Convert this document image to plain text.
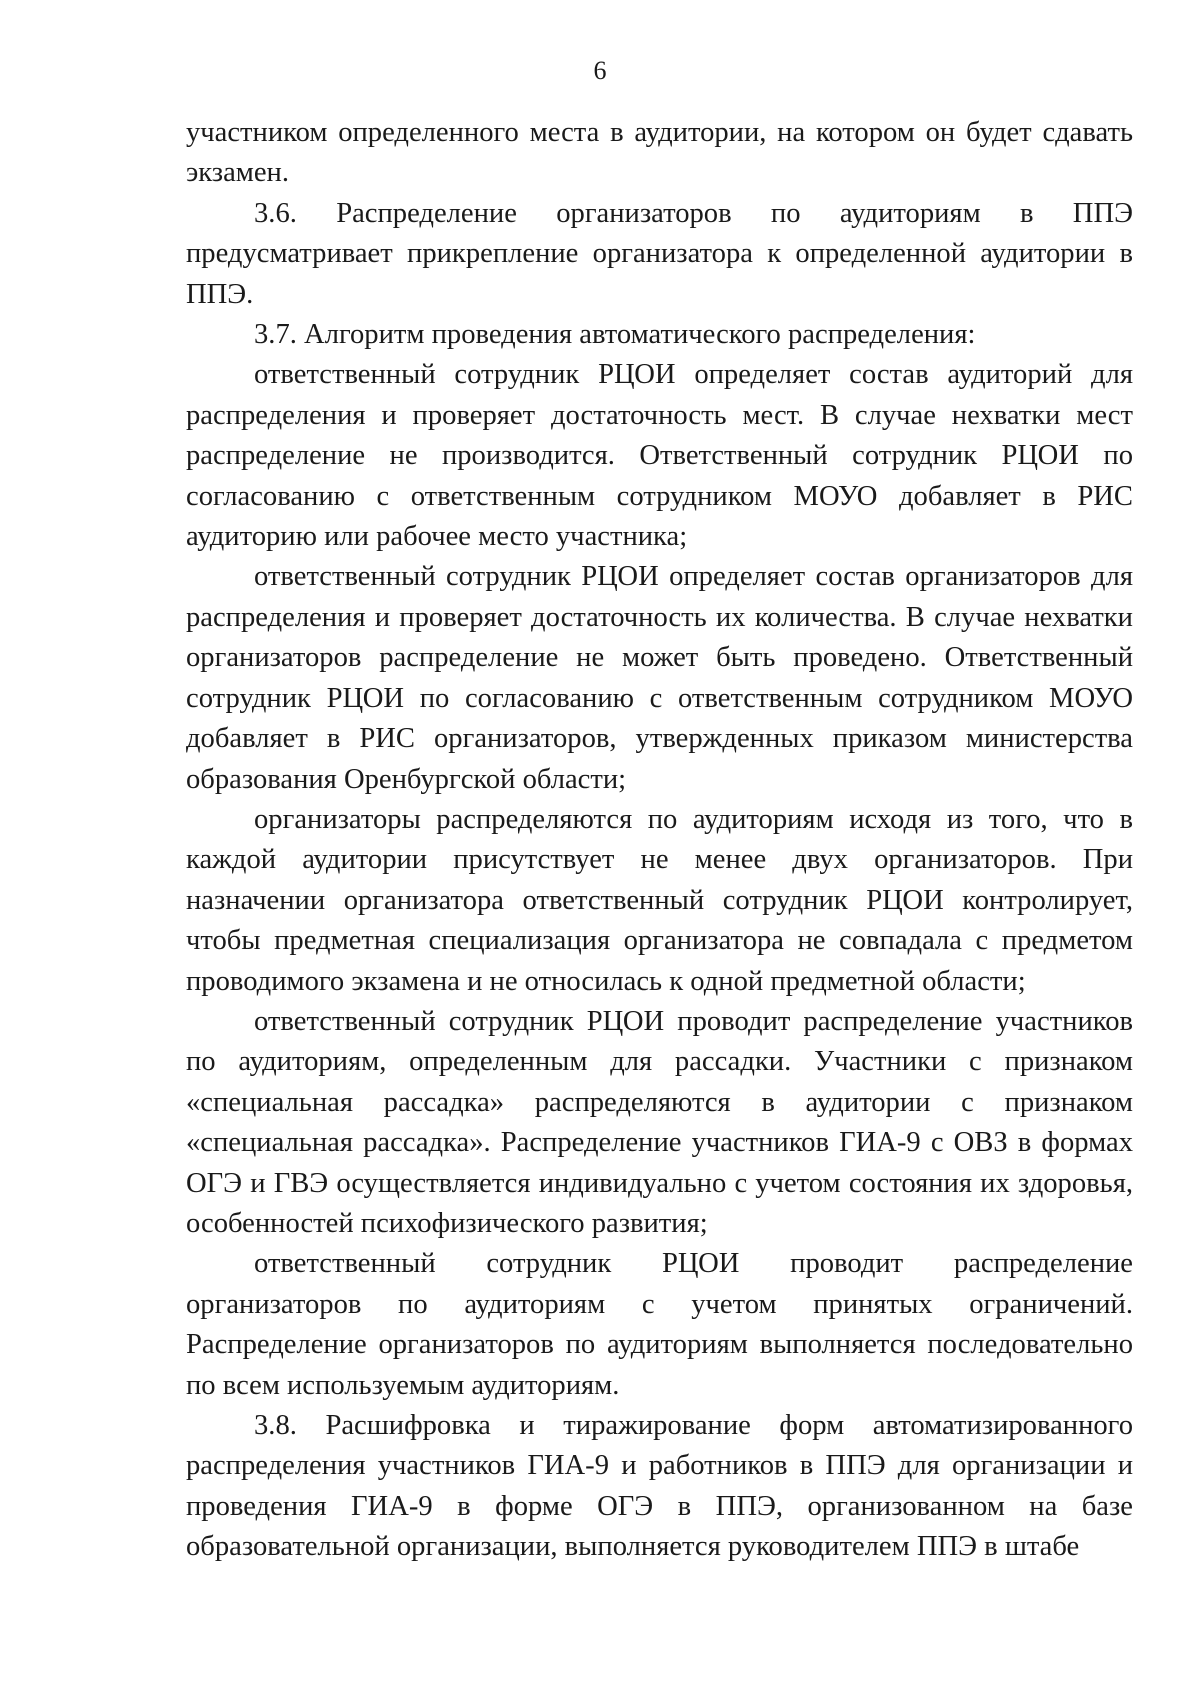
6

участником определенного места в аудитории, на котором он будет сдавать экзамен.

3.6. Распределение организаторов по аудиториям в ППЭ предусматривает прикрепление организатора к определенной аудитории в ППЭ.

3.7. Алгоритм проведения автоматического распределения:

ответственный сотрудник РЦОИ определяет состав аудиторий для распределения и проверяет достаточность мест. В случае нехватки мест распределение не производится. Ответственный сотрудник РЦОИ по согласованию с ответственным сотрудником МОУО добавляет в РИС аудиторию или рабочее место участника;

ответственный сотрудник РЦОИ определяет состав организаторов для распределения и проверяет достаточность их количества. В случае нехватки организаторов распределение не может быть проведено. Ответственный сотрудник РЦОИ по согласованию с ответственным сотрудником МОУО добавляет в РИС организаторов, утвержденных приказом министерства образования Оренбургской области;

организаторы распределяются по аудиториям исходя из того, что в каждой аудитории присутствует не менее двух организаторов. При назначении организатора ответственный сотрудник РЦОИ контролирует, чтобы предметная специализация организатора не совпадала с предметом проводимого экзамена и не относилась к одной предметной области;

ответственный сотрудник РЦОИ проводит распределение участников по аудиториям, определенным для рассадки. Участники с признаком «специальная рассадка» распределяются в аудитории с признаком «специальная рассадка». Распределение участников ГИА-9 с ОВЗ в формах ОГЭ и ГВЭ осуществляется индивидуально с учетом состояния их здоровья, особенностей психофизического развития;

ответственный сотрудник РЦОИ проводит распределение организаторов по аудиториям с учетом принятых ограничений. Распределение организаторов по аудиториям выполняется последовательно по всем используемым аудиториям.

3.8. Расшифровка и тиражирование форм автоматизированного распределения участников ГИА-9 и работников в ППЭ для организации и проведения ГИА-9 в форме ОГЭ в ППЭ, организованном на базе образовательной организации, выполняется руководителем ППЭ в штабе
